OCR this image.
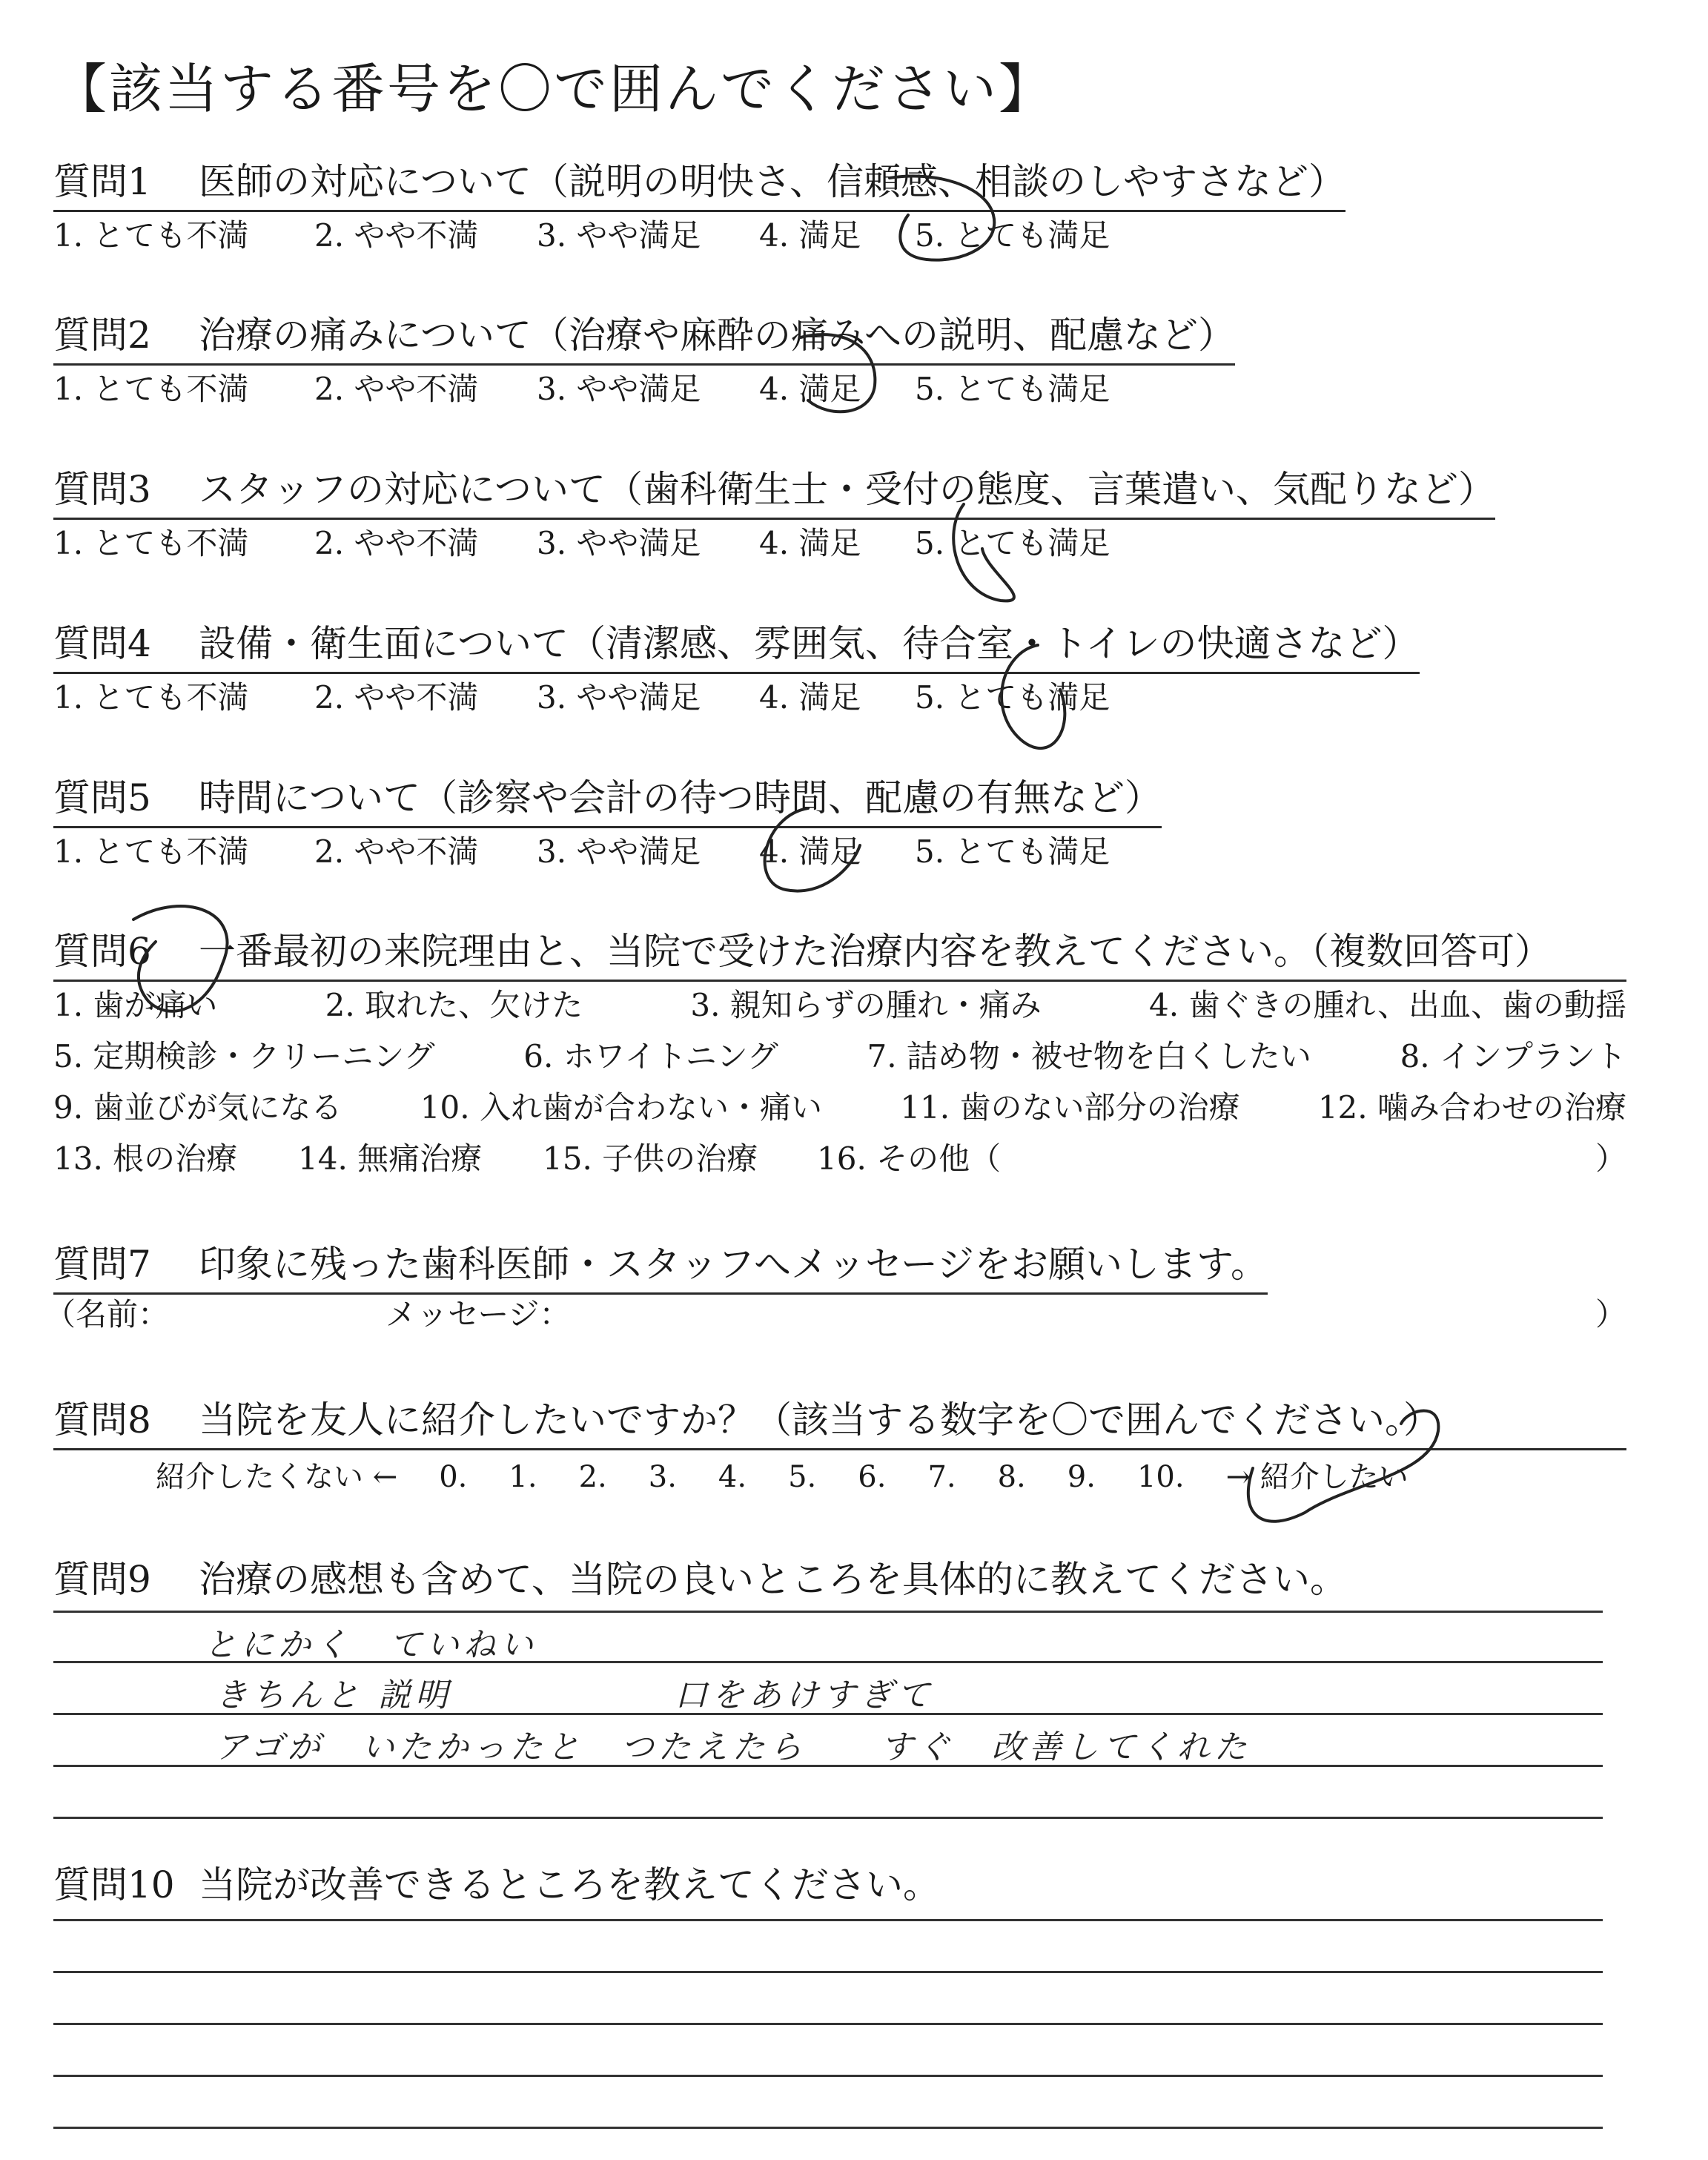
【該当する番号を〇で囲んでください】
質問1 医師の対応について（説明の明快さ、信頼感、相談のしやすさなど）
1. とても不満 2. やや不満 3. やや満足 4. 満足 5. とても満足
質問2 治療の痛みについて（治療や麻酔の痛みへの説明、配慮など）
1. とても不満 2. やや不満 3. やや満足 4. 満足 5. とても満足
質問3 スタッフの対応について（歯科衛生士・受付の態度、言葉遣い、気配りなど）
1. とても不満 2. やや不満 3. やや満足 4. 満足 5. とても満足
質問4 設備・衛生面について（清潔感、雰囲気、待合室・トイレの快適さなど）
1. とても不満 2. やや不満 3. やや満足 4. 満足 5. とても満足
質問5 時間について（診察や会計の待つ時間、配慮の有無など）
1. とても不満 2. やや不満 3. やや満足 4. 満足 5. とても満足
質問6 一番最初の来院理由と、当院で受けた治療内容を教えてください。（複数回答可）
1. 歯が痛い	2. 取れた、欠けた	3. 親知らずの腫れ・痛み	4. 歯ぐきの腫れ、出血、歯の動揺
5. 定期検診・クリーニング	6. ホワイトニング	7. 詰め物・被せ物を白くしたい	8. インプラント
9. 歯並びが気になる	10. 入れ歯が合わない・痛い	11. 歯のない部分の治療	12. 噛み合わせの治療
13. 根の治療 14. 無痛治療 15. 子供の治療 16. その他（	）
質問7 印象に残った歯科医師・スタッフへメッセージをお願いします。
（名前：	メッセージ：	）
質問8 当院を友人に紹介したいですか？（該当する数字を〇で囲んでください。）
紹介したくない ← 0. 1. 2. 3. 4. 5. 6. 7. 8. 9. 10. → 紹介したい
質問9 治療の感想も含めて、当院の良いところを具体的に教えてください。
とにかく　ていねい
きちんと 説明　　　　　　口をあけすぎて
アゴが　いたかったと　つたえたら　　すぐ　改善してくれた
質問10 当院が改善できるところを教えてください。
